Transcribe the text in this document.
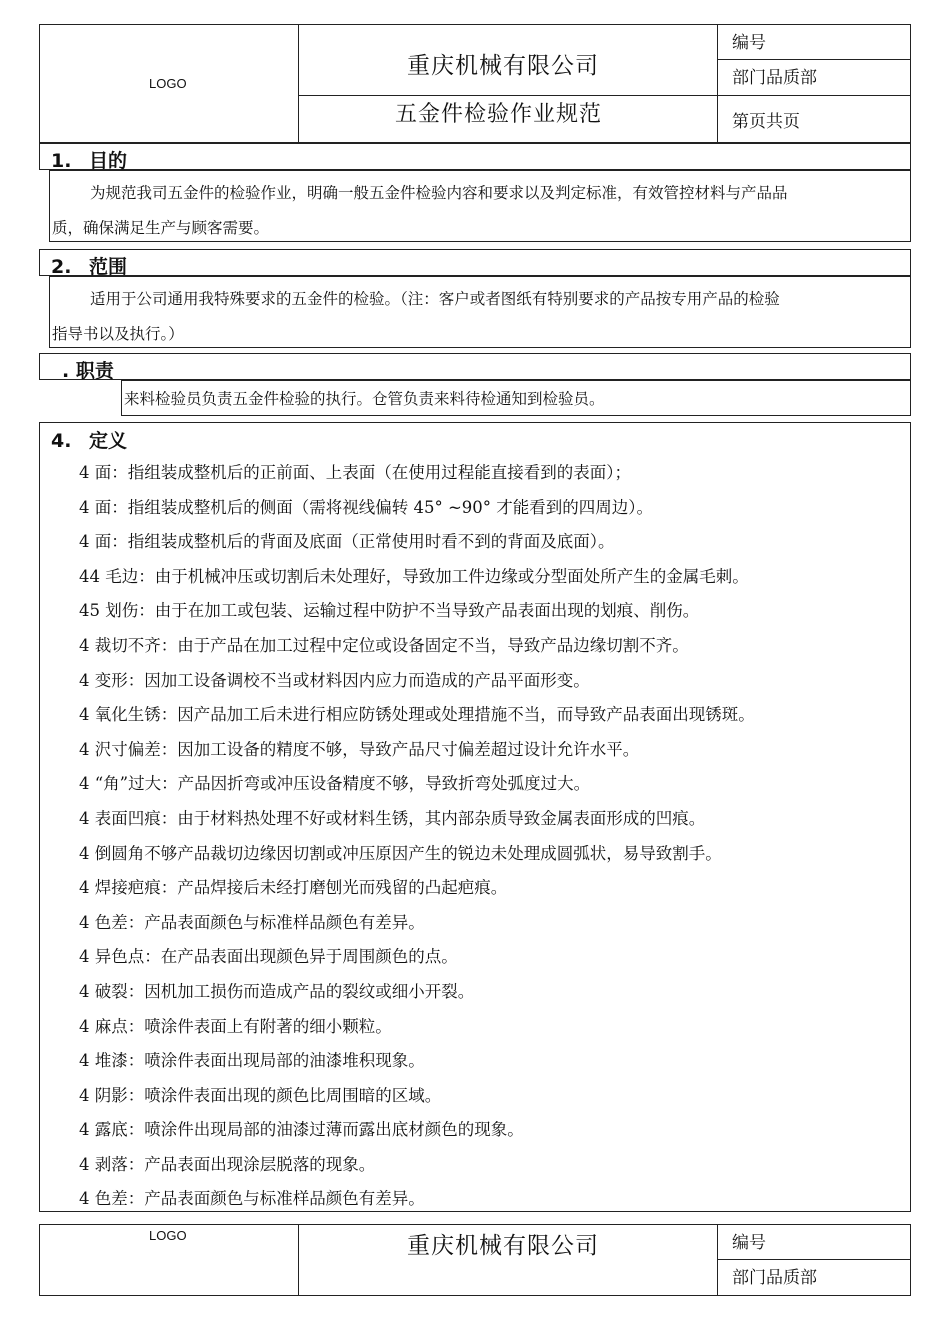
LOGO
重庆机械有限公司
五金件检验作业规范
编号
部门品质部
第页共页
1. 目的
为规范我司五金件的检验作业，明确一般五金件检验内容和要求以及判定标准，有效管控材料与产品品
质，确保满足生产与顾客需要。
2. 范围
适用于公司通用我特殊要求的五金件的检验。（注：客户或者图纸有特别要求的产品按专用产品的检验
指导书以及执行。）
. 职责
来料检验员负责五金件检验的执行。仓管负责来料待检通知到检验员。
4. 定义
4 面：指组装成整机后的正前面、上表面（在使用过程能直接看到的表面）；
4 面：指组装成整机后的侧面（需将视线偏转 45° ~90° 才能看到的四周边）。
4 面：指组装成整机后的背面及底面（正常使用时看不到的背面及底面）。
44 毛边：由于机械冲压或切割后未处理好，导致加工件边缘或分型面处所产生的金属毛刺。
45 划伤：由于在加工或包装、运输过程中防护不当导致产品表面出现的划痕、削伤。
4 裁切不齐：由于产品在加工过程中定位或设备固定不当，导致产品边缘切割不齐。
4 变形：因加工设备调校不当或材料因内应力而造成的产品平面形变。
4 氧化生锈：因产品加工后未进行相应防锈处理或处理措施不当，而导致产品表面出现锈斑。
4 沢寸偏差：因加工设备的精度不够，导致产品尺寸偏差超过设计允许水平。
4 “角”过大：产品因折弯或冲压设备精度不够，导致折弯处弧度过大。
4 表面凹痕：由于材料热处理不好或材料生锈，其内部杂质导致金属表面形成的凹痕。
4 倒圆角不够产品裁切边缘因切割或冲压原因产生的锐边未处理成圆弧状，易导致割手。
4 焊接疤痕：产品焊接后未经打磨刨光而残留的凸起疤痕。
4 色差：产品表面颜色与标准样品颜色有差异。
4 异色点：在产品表面出现颜色异于周围颜色的点。
4 破裂：因机加工损伤而造成产品的裂纹或细小开裂。
4 麻点：喷涂件表面上有附著的细小颗粒。
4 堆漆：喷涂件表面出现局部的油漆堆积现象。
4 阴影：喷涂件表面出现的颜色比周围暗的区域。
4 露底：喷涂件出现局部的油漆过薄而露出底材颜色的现象。
4 剥落：产品表面出现涂层脱落的现象。
4 色差：产品表面颜色与标准样品颜色有差异。
LOGO	重庆机械有限公司	编号
部门品质部
